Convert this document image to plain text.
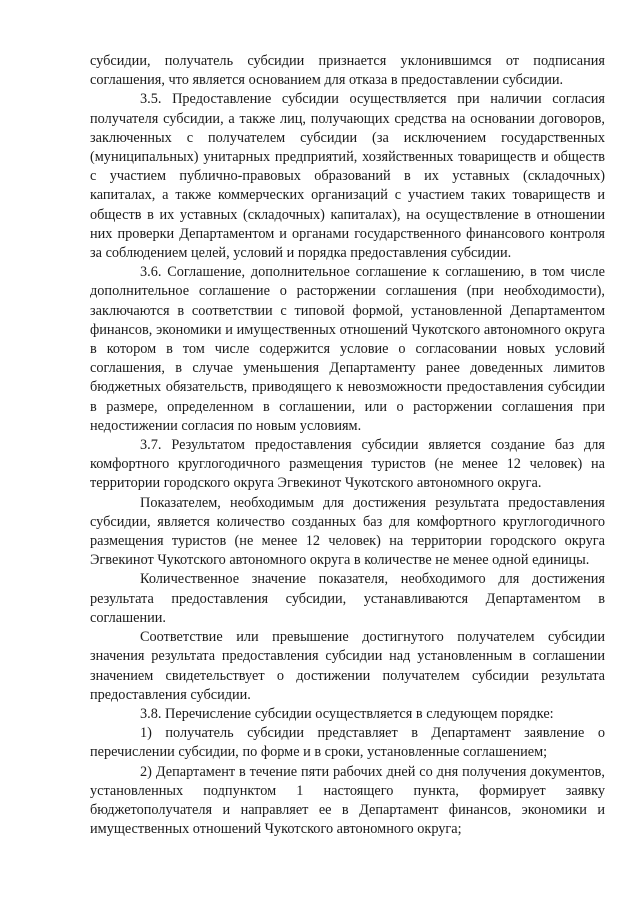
субсидии, получатель субсидии признается уклонившимся от подписания соглашения, что является основанием для отказа в предоставлении субсидии.

3.5. Предоставление субсидии осуществляется при наличии согласия получателя субсидии, а также лиц, получающих средства на основании договоров, заключенных с получателем субсидии (за исключением государственных (муниципальных) унитарных предприятий, хозяйственных товариществ и обществ с участием публично-правовых образований в их уставных (складочных) капиталах, а также коммерческих организаций с участием таких товариществ и обществ в их уставных (складочных) капиталах), на осуществление в отношении них проверки Департаментом и органами государственного финансового контроля за соблюдением целей, условий и порядка предоставления субсидии.

3.6. Соглашение, дополнительное соглашение к соглашению, в том числе дополнительное соглашение о расторжении соглашения (при необходимости), заключаются в соответствии с типовой формой, установленной Департаментом финансов, экономики и имущественных отношений Чукотского автономного округа в котором в том числе содержится условие о согласовании новых условий соглашения, в случае уменьшения Департаменту ранее доведенных лимитов бюджетных обязательств, приводящего к невозможности предоставления субсидии в размере, определенном в соглашении, или о расторжении соглашения при недостижении согласия по новым условиям.

3.7. Результатом предоставления субсидии является создание баз для комфортного круглогодичного размещения туристов (не менее 12 человек) на территории городского округа Эгвекинот Чукотского автономного округа.

Показателем, необходимым для достижения результата предоставления субсидии, является количество созданных баз для комфортного круглогодичного размещения туристов (не менее 12 человек) на территории городского округа Эгвекинот Чукотского автономного округа в количестве не менее одной единицы.

Количественное значение показателя, необходимого для достижения результата предоставления субсидии, устанавливаются Департаментом в соглашении.

Соответствие или превышение достигнутого получателем субсидии значения результата предоставления субсидии над установленным в соглашении значением свидетельствует о достижении получателем субсидии результата предоставления субсидии.

3.8. Перечисление субсидии осуществляется в следующем порядке:

1) получатель субсидии представляет в Департамент заявление о перечислении субсидии, по форме и в сроки, установленные соглашением;

2) Департамент в течение пяти рабочих дней со дня получения документов, установленных подпунктом 1 настоящего пункта, формирует заявку бюджетополучателя и направляет ее в Департамент финансов, экономики и имущественных отношений Чукотского автономного округа;
